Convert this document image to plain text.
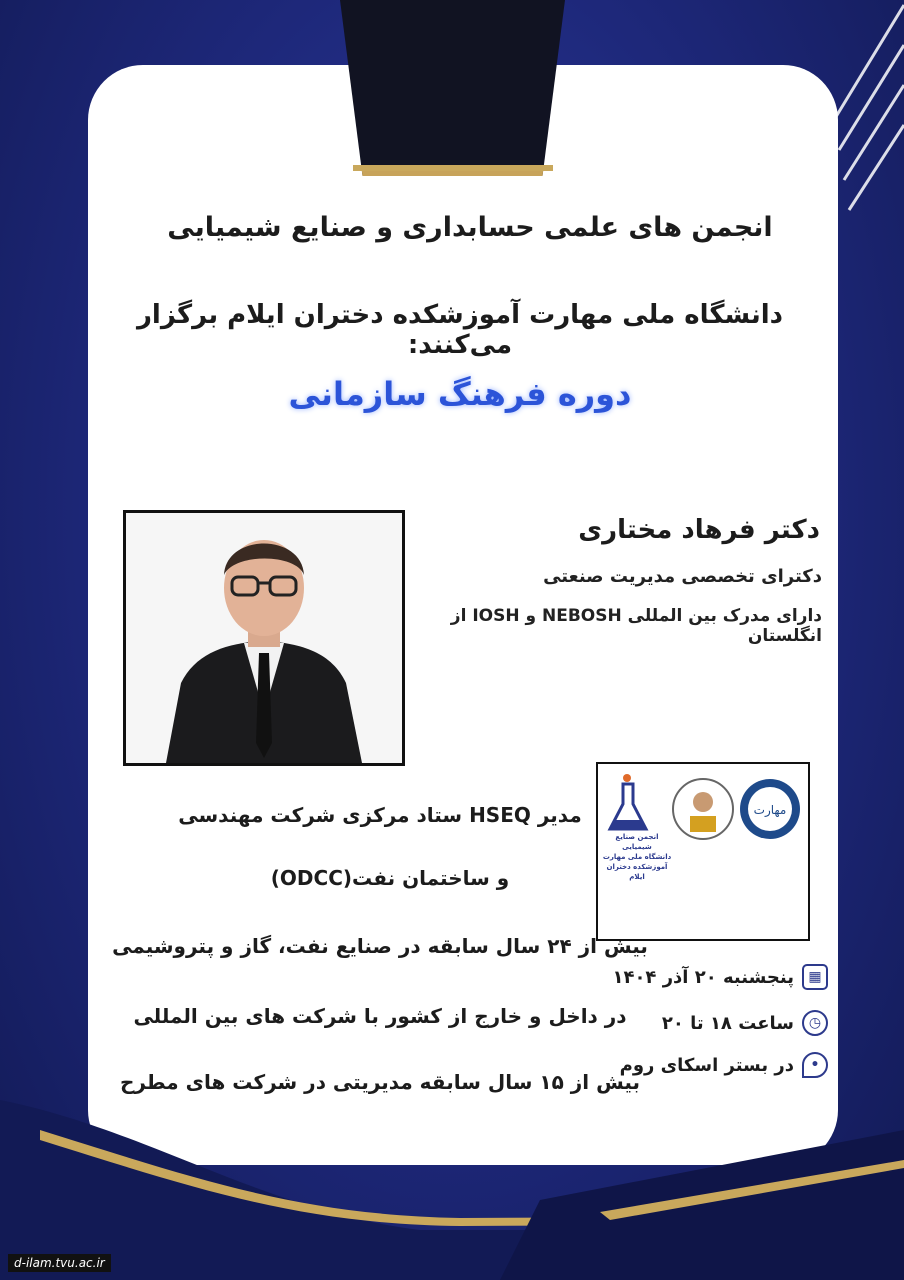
انجمن های علمی حسابداری و صنایع شیمیایی
دانشگاه ملی مهارت آموزشکده دختران ایلام برگزار می‌کنند:
دوره فرهنگ سازمانی
دکتر فرهاد مختاری
دکترای تخصصی مدیریت صنعتی
دارای مدرک بین المللی NEBOSH و IOSH از انگلستان
مهارت
انجمن صنایع شیمیایی
دانشگاه ملی مهارت
آموزشکده دختران ایلام
مدیر HSEQ ستاد مرکزی شرکت مهندسی
و ساختمان نفت(ODCC)
بیش از ۲۴ سال سابقه در صنایع نفت، گاز و پتروشیمی
در داخل و خارج از کشور با شرکت های بین المللی
بیش از ۱۵ سال سابقه مدیریتی در شرکت های مطرح
▦
پنجشنبه ۲۰ آذر ۱۴۰۴
◷
ساعت ۱۸ تا ۲۰
•
در بستر اسکای روم
d-ilam.tvu.ac.ir
